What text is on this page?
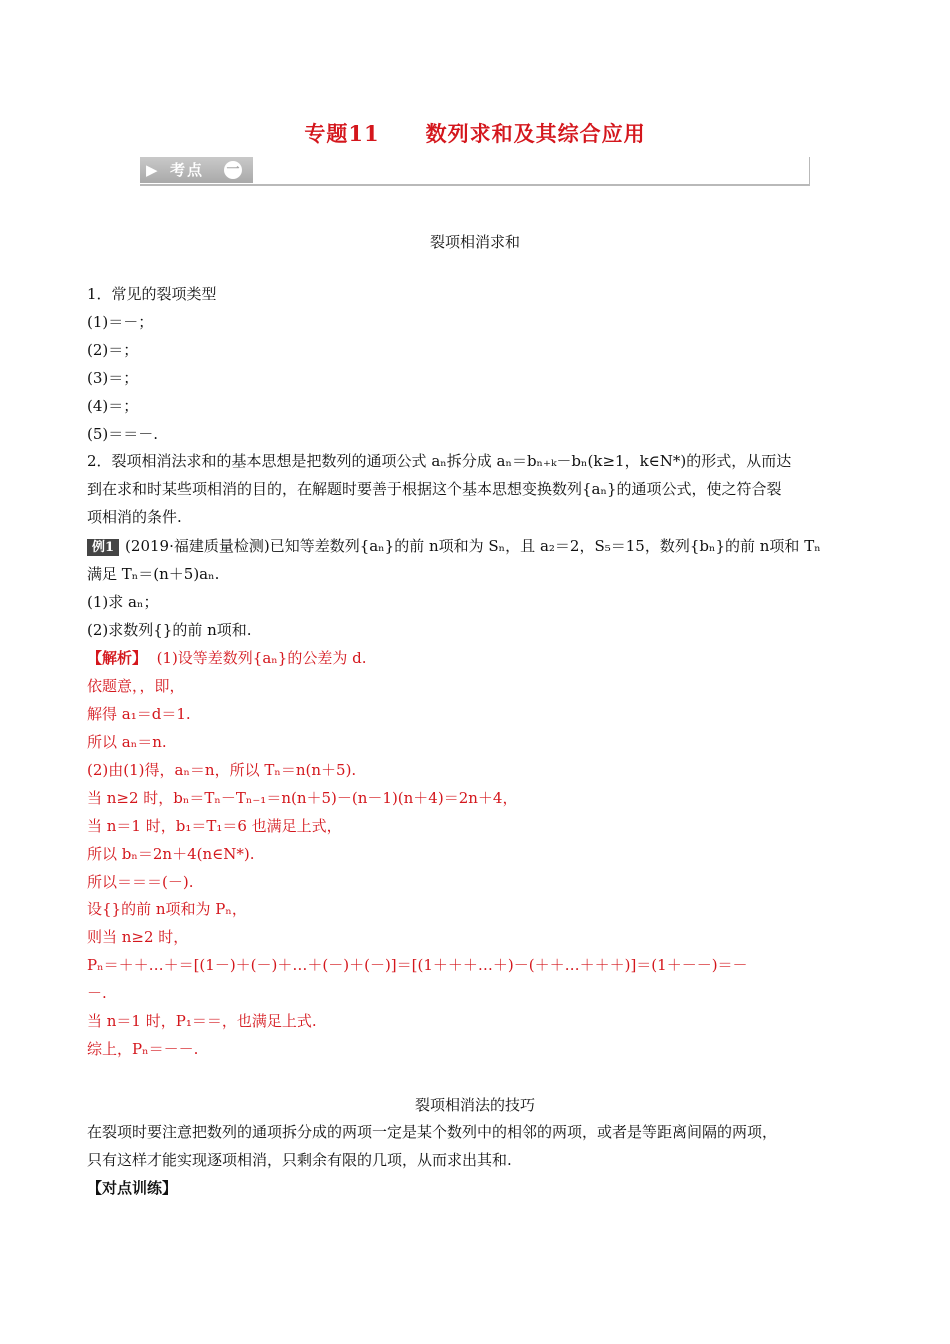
专题11 数列求和及其综合应用
▶ 考点 一
裂项相消求和
1．常见的裂项类型
(1)＝－；
(2)＝；
(3)＝；
(4)＝；
(5)＝＝－.
2．裂项相消法求和的基本思想是把数列的通项公式 aₙ拆分成 aₙ＝bₙ₊ₖ－bₙ(k≥1，k∈N*)的形式，从而达
到在求和时某些项相消的目的，在解题时要善于根据这个基本思想变换数列{aₙ}的通项公式，使之符合裂
项相消的条件.
例1 (2019·福建质量检测)已知等差数列{aₙ}的前 n项和为 Sₙ，且 a₂＝2，S₅＝15，数列{bₙ}的前 n项和 Tₙ
满足 Tₙ＝(n＋5)aₙ.
(1)求 aₙ；
(2)求数列{}的前 n项和.
【解析】 (1)设等差数列{aₙ}的公差为 d.
依题意，，即，
解得 a₁＝d＝1.
所以 aₙ＝n.
(2)由(1)得，aₙ＝n，所以 Tₙ＝n(n＋5).
当 n≥2 时，bₙ＝Tₙ－Tₙ₋₁＝n(n＋5)－(n－1)(n＋4)＝2n＋4，
当 n＝1 时，b₁＝T₁＝6 也满足上式，
所以 bₙ＝2n＋4(n∈N*).
所以＝＝＝(－).
设{}的前 n项和为 Pₙ，
则当 n≥2 时，
Pₙ＝＋＋…＋＝[(1－)＋(－)＋…＋(－)＋(－)]＝[(1＋＋＋…＋)－(＋＋…＋＋＋)]＝(1＋－－)＝－
－.
当 n＝1 时，P₁＝＝，也满足上式.
综上，Pₙ＝－－.
裂项相消法的技巧
在裂项时要注意把数列的通项拆分成的两项一定是某个数列中的相邻的两项，或者是等距离间隔的两项，
只有这样才能实现逐项相消，只剩余有限的几项，从而求出其和.
【对点训练】
